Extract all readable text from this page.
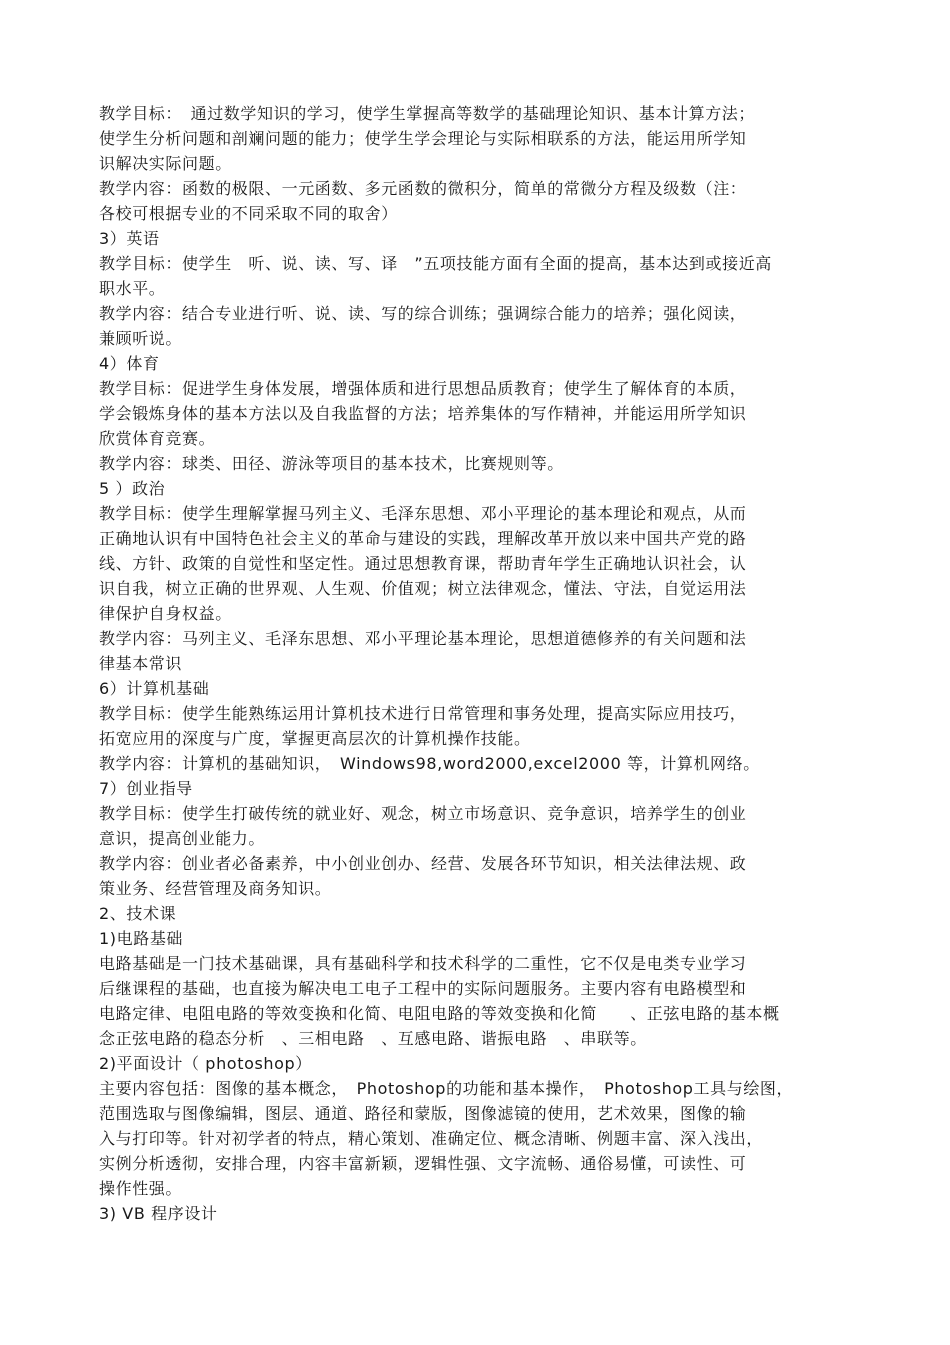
教学目标：　通过数学知识的学习，使学生掌握高等数学的基础理论知识、基本计算方法；

使学生分析问题和剖斓问题的能力；使学生学会理论与实际相联系的方法，能运用所学知

识解决实际问题。

教学内容：函数的极限、一元函数、多元函数的微积分，简单的常微分方程及级数（注：

各校可根据专业的不同采取不同的取舍）

3）英语

教学目标：使学生　听、说、读、写、译　”五项技能方面有全面的提高，基本达到或接近高

职水平。

教学内容：结合专业进行听、说、读、写的综合训练；强调综合能力的培养；强化阅读，

兼顾听说。

4）体育

教学目标：促进学生身体发展，增强体质和进行思想品质教育；使学生了解体育的本质，

学会锻炼身体的基本方法以及自我监督的方法；培养集体的写作精神，并能运用所学知识

欣赏体育竞赛。

教学内容：球类、田径、游泳等项目的基本技术，比赛规则等。

5 ）政治

教学目标：使学生理解掌握马列主义、毛泽东思想、邓小平理论的基本理论和观点，从而

正确地认识有中国特色社会主义的革命与建设的实践，理解改革开放以来中国共产党的路

线、方针、政策的自觉性和坚定性。通过思想教育课，帮助青年学生正确地认识社会，认

识自我，树立正确的世界观、人生观、价值观；树立法律观念，懂法、守法，自觉运用法

律保护自身权益。

教学内容：马列主义、毛泽东思想、邓小平理论基本理论，思想道德修养的有关问题和法

律基本常识

6）计算机基础

教学目标：使学生能熟练运用计算机技术进行日常管理和事务处理，提高实际应用技巧，

拓宽应用的深度与广度，掌握更高层次的计算机操作技能。

教学内容：计算机的基础知识，　Windows98,word2000,excel2000 等，计算机网络。

7）创业指导

教学目标：使学生打破传统的就业好、观念，树立市场意识、竞争意识，培养学生的创业

意识，提高创业能力。

教学内容：创业者必备素养，中小创业创办、经营、发展各环节知识，相关法律法规、政

策业务、经营管理及商务知识。

2、技术课

1)电路基础

电路基础是一门技术基础课，具有基础科学和技术科学的二重性，它不仅是电类专业学习

后继课程的基础，也直接为解决电工电子工程中的实际问题服务。主要内容有电路模型和

电路定律、电阻电路的等效变换和化简、电阻电路的等效变换和化简　　、正弦电路的基本概

念正弦电路的稳态分析　、三相电路　、互感电路、谐振电路　、串联等。

2)平面设计（ photoshop）

主要内容包括：图像的基本概念，　Photoshop的功能和基本操作，　Photoshop工具与绘图，

范围选取与图像编辑，图层、通道、路径和蒙版，图像滤镜的使用，艺术效果，图像的输

入与打印等。针对初学者的特点，精心策划、准确定位、概念清晰、例题丰富、深入浅出，

实例分析透彻，安排合理，内容丰富新颖，逻辑性强、文字流畅、通俗易懂，可读性、可

操作性强。

3) VB 程序设计
